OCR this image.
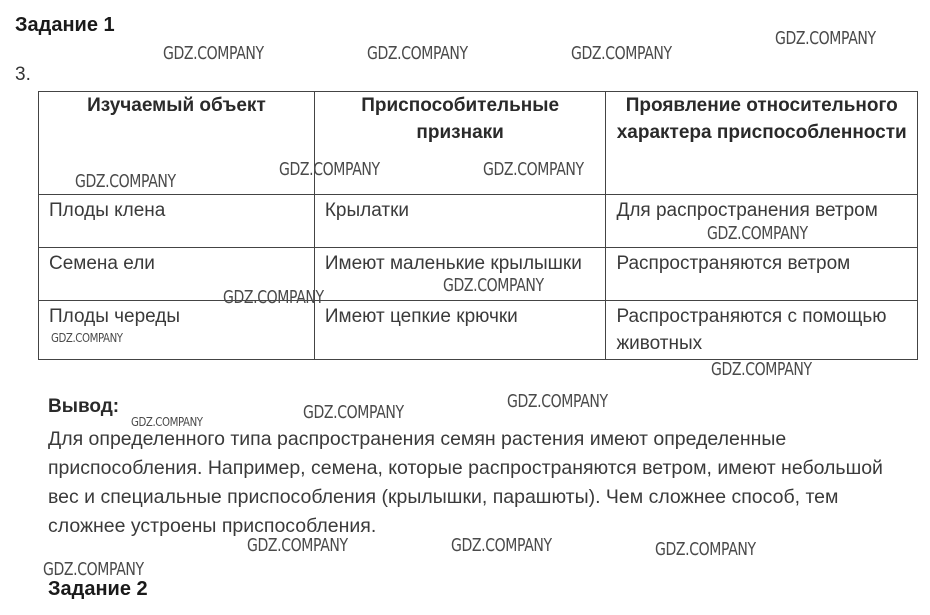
Задание 1
3.
Изучаемый объект	Приспособительные признаки	Проявление относительного характера приспособленности
Плоды клена	Крылатки	Для распространения ветром
Семена ели	Имеют маленькие крылышки	Распространяются ветром
Плоды череды	Имеют цепкие крючки	Распространяются с помощью животных
Вывод:
Для определенного типа распространения семян растения имеют определенные приспособления. Например, семена, которые распространяются ветром, имеют небольшой вес и специальные приспособления (крылышки, парашюты). Чем сложнее способ, тем сложнее устроены приспособления.
Задание 2
GDZ.COMPANY	GDZ.COMPANY	GDZ.COMPANY
GDZ.COMPANY
GDZ.COMPANY	GDZ.COMPANY
GDZ.COMPANY
GDZ.COMPANY
GDZ.COMPANY
GDZ.COMPANY
GDZ.COMPANY
GDZ.COMPANY
GDZ.COMPANY
GDZ.COMPANY
GDZ.COMPANY
GDZ.COMPANY	GDZ.COMPANY	GDZ.COMPANY
GDZ.COMPANY
